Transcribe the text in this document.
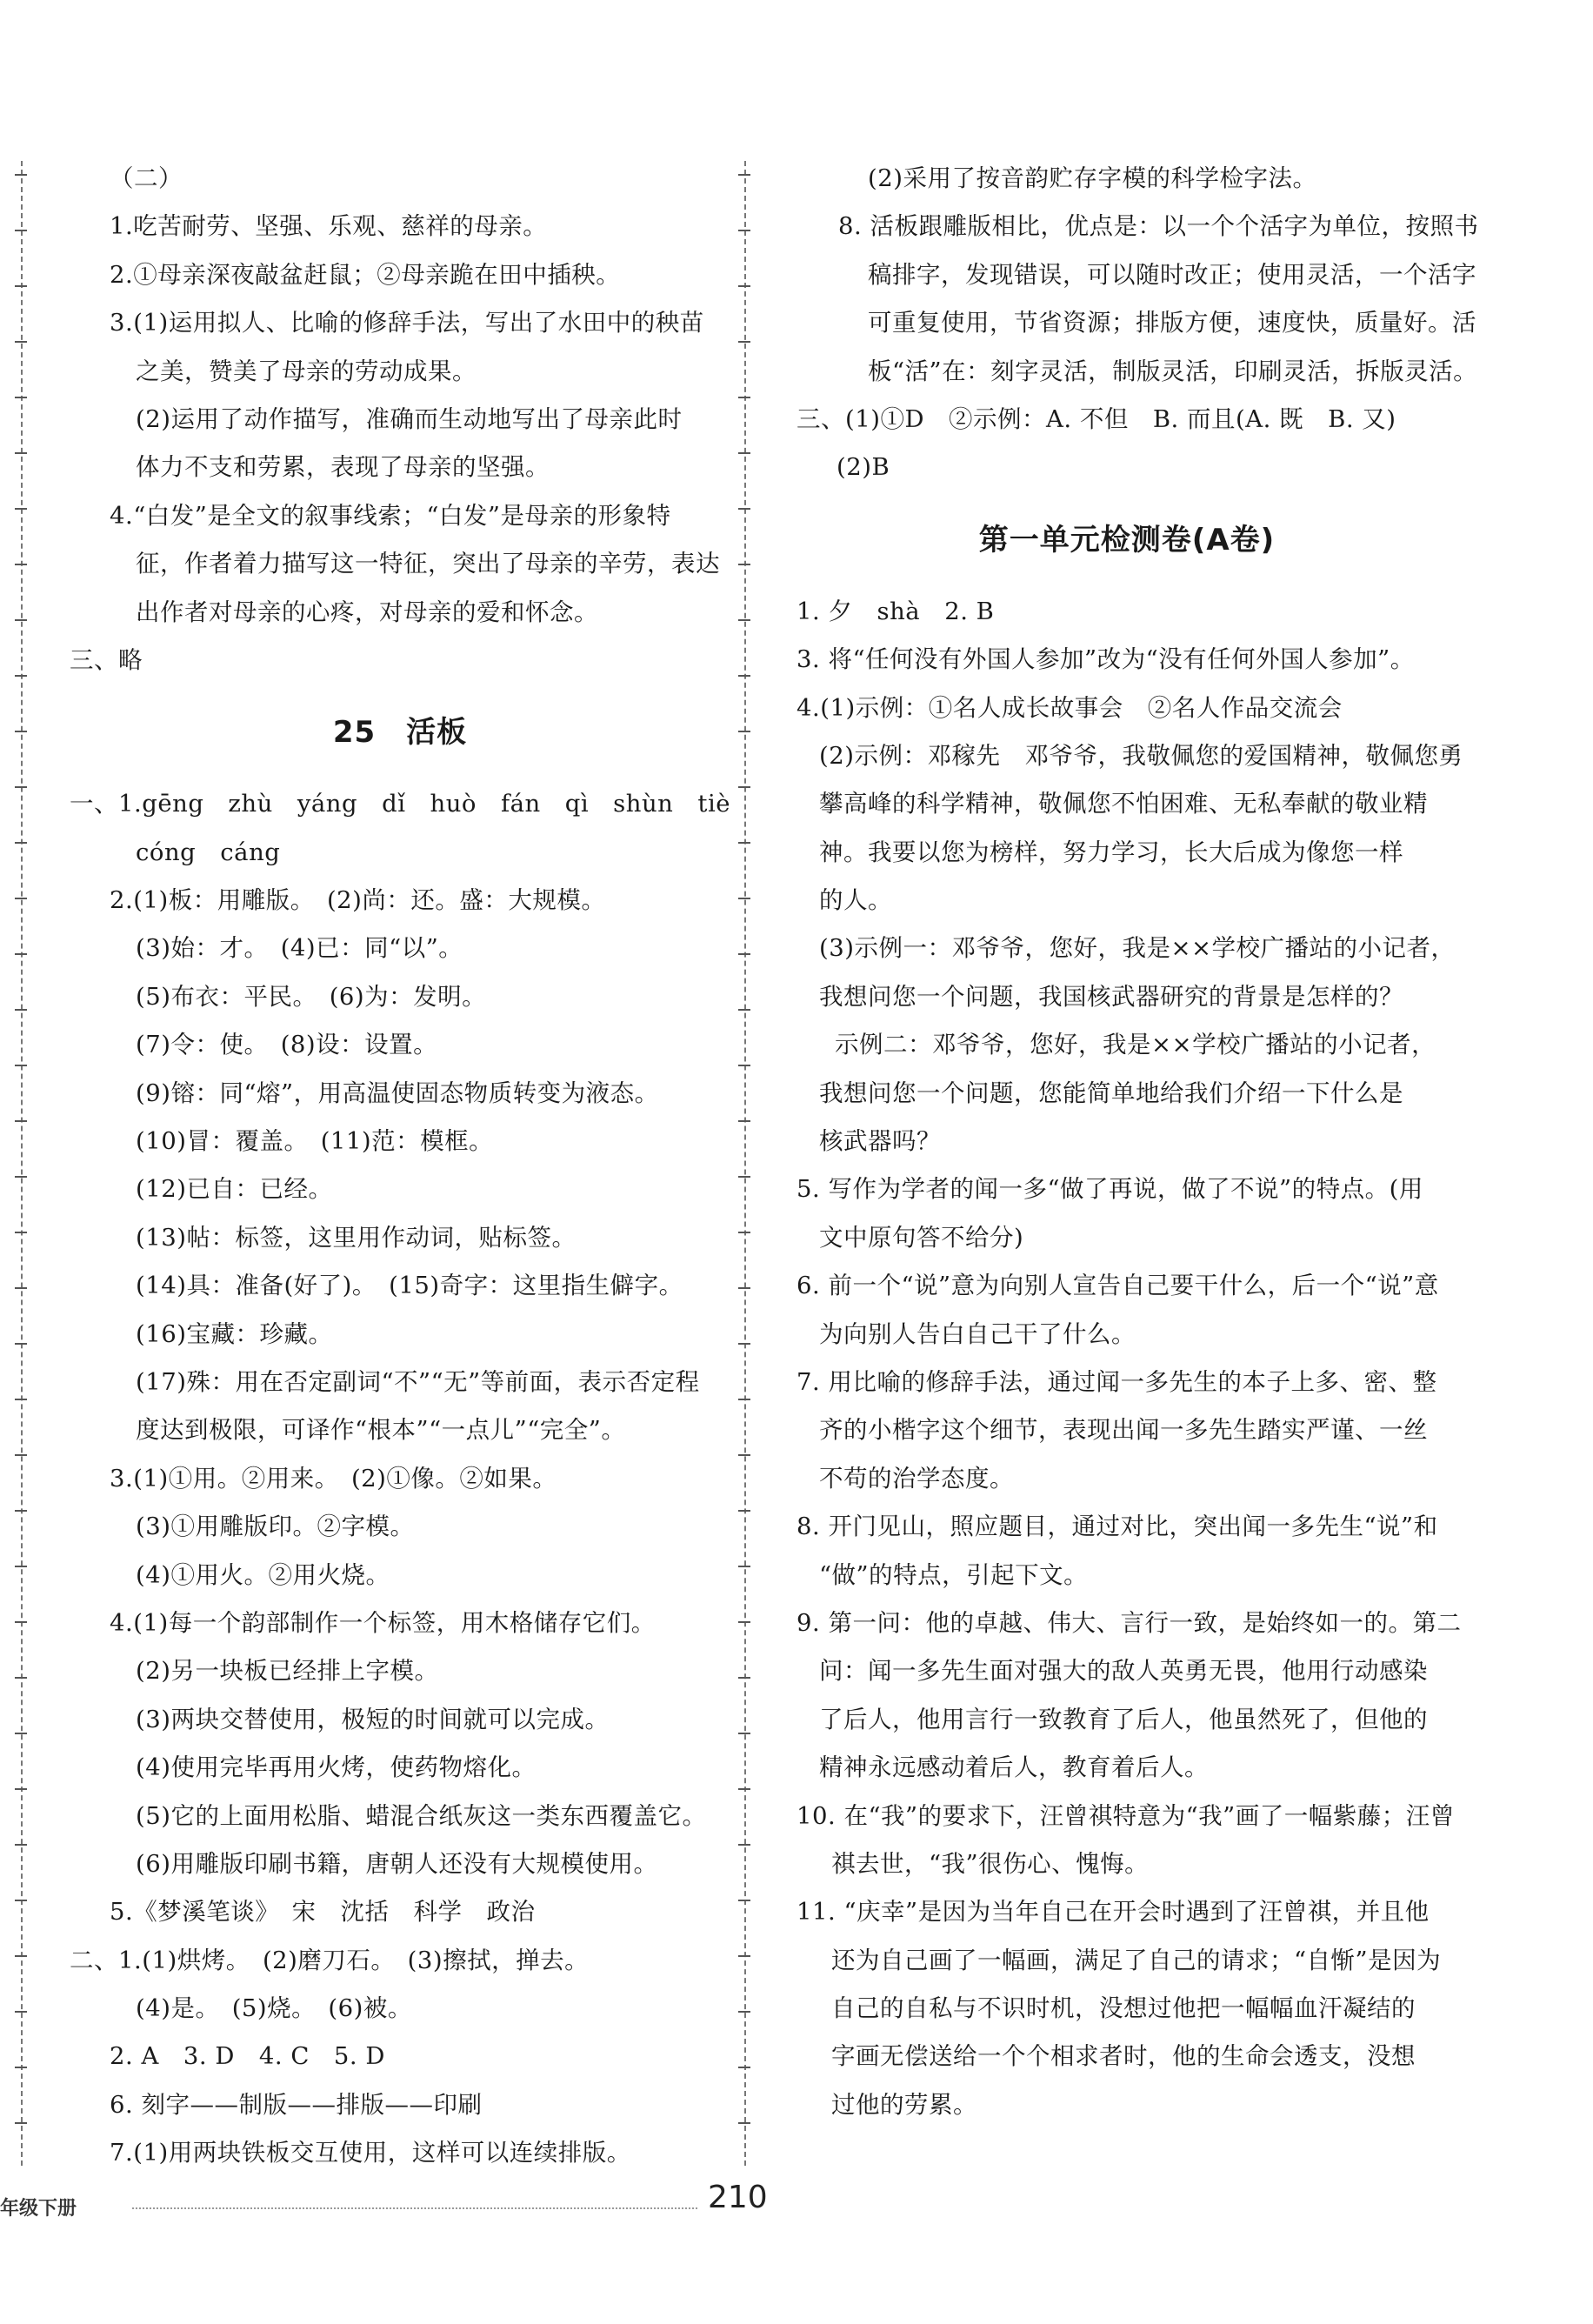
（二）
1.吃苦耐劳、坚强、乐观、慈祥的母亲。
2.①母亲深夜敲盆赶鼠；②母亲跪在田中插秧。
3.(1)运用拟人、比喻的修辞手法，写出了水田中的秧苗
之美，赞美了母亲的劳动成果。
(2)运用了动作描写，准确而生动地写出了母亲此时
体力不支和劳累，表现了母亲的坚强。
4.“白发”是全文的叙事线索；“白发”是母亲的形象特
征，作者着力描写这一特征，突出了母亲的辛劳，表达
出作者对母亲的心疼，对母亲的爱和怀念。
三、略
25　活板
一、1.gēng　zhù　yáng　dǐ　huò　fán　qì　shùn　tiè
cóng　cáng
2.(1)板：用雕版。　(2)尚：还。盛：大规模。
(3)始：才。　(4)已：同“以”。
(5)布衣：平民。　(6)为：发明。
(7)令：使。　(8)设：设置。
(9)镕：同“熔”，用高温使固态物质转变为液态。
(10)冒：覆盖。　(11)范：模框。
(12)已自：已经。
(13)帖：标签，这里用作动词，贴标签。
(14)具：准备(好了)。　(15)奇字：这里指生僻字。
(16)宝藏：珍藏。
(17)殊：用在否定副词“不”“无”等前面，表示否定程
度达到极限，可译作“根本”“一点儿”“完全”。
3.(1)①用。②用来。　(2)①像。②如果。
(3)①用雕版印。②字模。
(4)①用火。②用火烧。
4.(1)每一个韵部制作一个标签，用木格储存它们。
(2)另一块板已经排上字模。
(3)两块交替使用，极短的时间就可以完成。
(4)使用完毕再用火烤，使药物熔化。
(5)它的上面用松脂、蜡混合纸灰这一类东西覆盖它。
(6)用雕版印刷书籍，唐朝人还没有大规模使用。
5.《梦溪笔谈》　宋　沈括　科学　政治
二、1.(1)烘烤。　(2)磨刀石。　(3)擦拭，掸去。
(4)是。　(5)烧。　(6)被。
2. A　3. D　4. C　5. D
6. 刻字——制版——排版——印刷
7.(1)用两块铁板交互使用，这样可以连续排版。
(2)采用了按音韵贮存字模的科学检字法。
8. 活板跟雕版相比，优点是：以一个个活字为单位，按照书
稿排字，发现错误，可以随时改正；使用灵活，一个活字
可重复使用，节省资源；排版方便，速度快，质量好。活
板“活”在：刻字灵活，制版灵活，印刷灵活，拆版灵活。
三、(1)①D　②示例：A. 不但　B. 而且(A. 既　B. 又)
(2)B
第一单元检测卷(A卷)
1. 夕　shà　2. B
3. 将“任何没有外国人参加”改为“没有任何外国人参加”。
4.(1)示例：①名人成长故事会　②名人作品交流会
(2)示例：邓稼先　邓爷爷，我敬佩您的爱国精神，敬佩您勇
攀高峰的科学精神，敬佩您不怕困难、无私奉献的敬业精
神。我要以您为榜样，努力学习，长大后成为像您一样
的人。
(3)示例一：邓爷爷，您好，我是××学校广播站的小记者，
我想问您一个问题，我国核武器研究的背景是怎样的？
示例二：邓爷爷，您好，我是××学校广播站的小记者，
我想问您一个问题，您能简单地给我们介绍一下什么是
核武器吗？
5. 写作为学者的闻一多“做了再说，做了不说”的特点。(用
文中原句答不给分)
6. 前一个“说”意为向别人宣告自己要干什么，后一个“说”意
为向别人告白自己干了什么。
7. 用比喻的修辞手法，通过闻一多先生的本子上多、密、整
齐的小楷字这个细节，表现出闻一多先生踏实严谨、一丝
不苟的治学态度。
8. 开门见山，照应题目，通过对比，突出闻一多先生“说”和
“做”的特点，引起下文。
9. 第一问：他的卓越、伟大、言行一致，是始终如一的。第二
问：闻一多先生面对强大的敌人英勇无畏，他用行动感染
了后人，他用言行一致教育了后人，他虽然死了，但他的
精神永远感动着后人，教育着后人。
10. 在“我”的要求下，汪曾祺特意为“我”画了一幅紫藤；汪曾
祺去世，“我”很伤心、愧悔。
11. “庆幸”是因为当年自己在开会时遇到了汪曾祺，并且他
还为自己画了一幅画，满足了自己的请求；“自惭”是因为
自己的自私与不识时机，没想过他把一幅幅血汗凝结的
字画无偿送给一个个相求者时，他的生命会透支，没想
过他的劳累。
年级下册	210
